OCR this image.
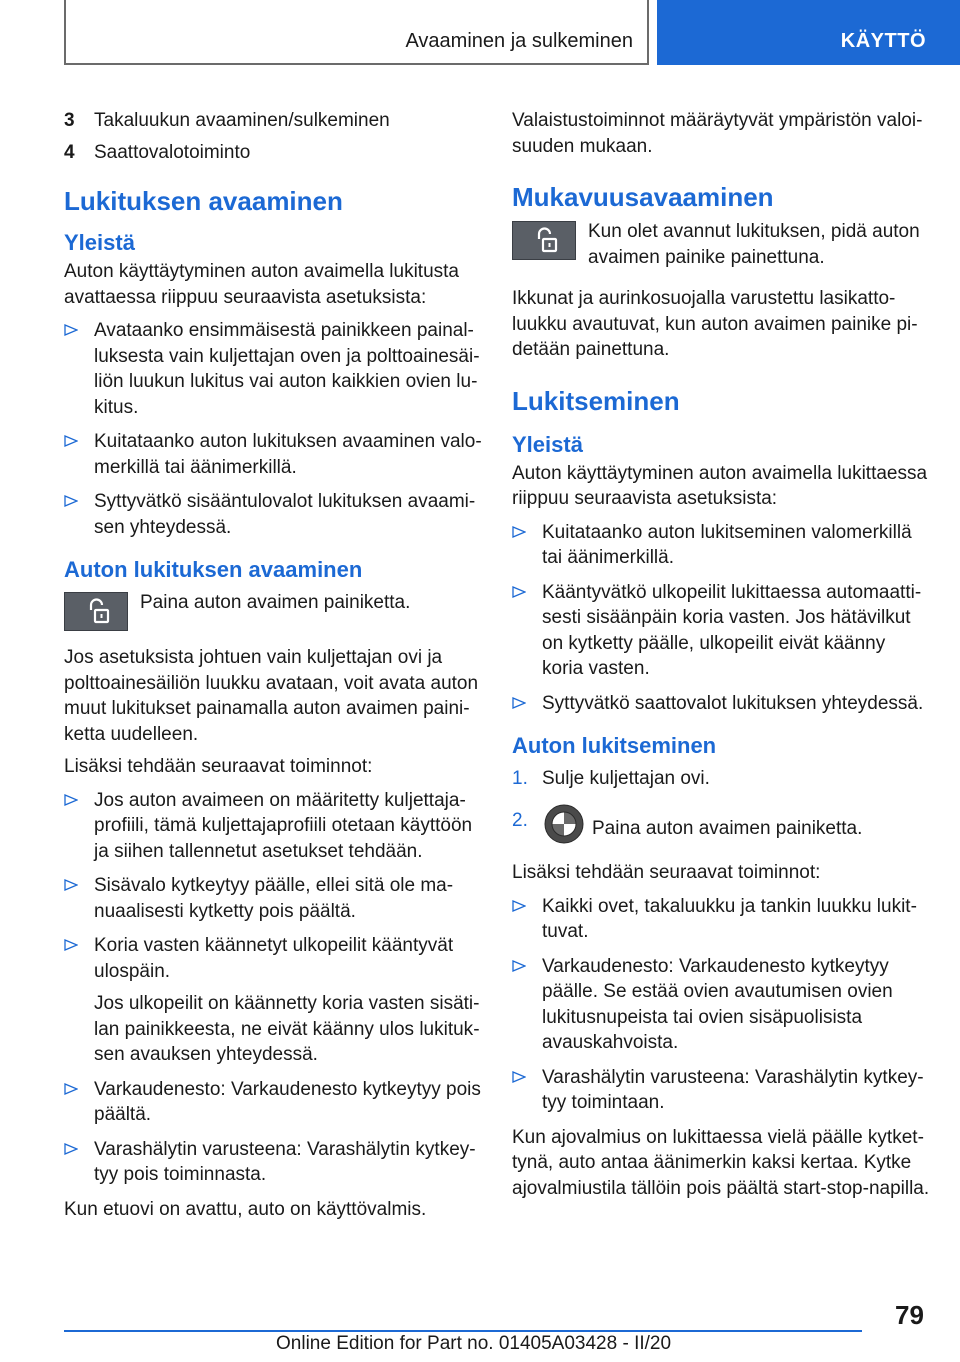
Avaaminen ja sulkeminen	KÄYTTÖ
3	Takaluukun avaaminen/sulkeminen
4	Saattovalotoiminto
Lukituksen avaaminen
Yleistä

Auton käyttäytyminen auton avaimella lukitusta avattaessa riippuu seuraavista asetuksista:

Avataanko ensimmäisestä painikkeen painalluksesta vain kuljettajan oven ja polttoainesäiliön luukun lukitus vai auton kaikkien ovien lukitus.
Kuitataanko auton lukituksen avaaminen valomerkillä tai äänimerkillä.
Syttyvätkö sisääntulovalot lukituksen avaamisen yhteydessä.
Auton lukituksen avaaminen
Paina auton avaimen painiketta.

Jos asetuksista johtuen vain kuljettajan ovi ja polttoainesäiliön luukku avataan, voit avata auton muut lukitukset painamalla auton avaimen painiketta uudelleen.

Lisäksi tehdään seuraavat toiminnot:

Jos auton avaimeen on määritetty kuljettajaprofiili, tämä kuljettajaprofiili otetaan käyttöön ja siihen tallennetut asetukset tehdään.
Sisävalo kytkeytyy päälle, ellei sitä ole manuaalisesti kytketty pois päältä.
Koria vasten käännetyt ulkopeilit kääntyvät ulospäin.

Jos ulkopeilit on käännetty koria vasten sisätilan painikkeesta, ne eivät käänny ulos lukituksen avauksen yhteydessä.

Varkaudenesto: Varkaudenesto kytkeytyy pois päältä.
Varashälytin varusteena: Varashälytin kytkeytyy pois toiminnasta.

Kun etuovi on avattu, auto on käyttövalmis.

Valaistustoiminnot määräytyvät ympäristön valoisuuden mukaan.

Mukavuusavaaminen
Kun olet avannut lukituksen, pidä auton avaimen painike painettuna.

Ikkunat ja aurinkosuojalla varustettu lasikattoluukku avautuvat, kun auton avaimen painike pidetään painettuna.

Lukitseminen
Yleistä

Auton käyttäytyminen auton avaimella lukittaessa riippuu seuraavista asetuksista:

Kuitataanko auton lukitseminen valomerkillä tai äänimerkillä.
Kääntyvätkö ulkopeilit lukittaessa automaattisesti sisäänpäin koria vasten. Jos hätävilkut on kytketty päälle, ulkopeilit eivät käänny koria vasten.
Syttyvätkö saattovalot lukituksen yhteydessä.
Auton lukitseminen
1. Sulje kuljettajan ovi.
2.	Paina auton avaimen painiketta.

Lisäksi tehdään seuraavat toiminnot:

Kaikki ovet, takaluukku ja tankin luukku lukittuvat.
Varkaudenesto: Varkaudenesto kytkeytyy päälle. Se estää ovien avautumisen ovien lukitusnupeista tai ovien sisäpuolisista avauskahvoista.
Varashälytin varusteena: Varashälytin kytkeytyy toimintaan.

Kun ajovalmius on lukittaessa vielä päälle kytkettynä, auto antaa äänimerkin kaksi kertaa. Kytke ajovalmiustila tällöin pois päältä start-stop-napilla.

79
Online Edition for Part no. 01405A03428 - II/20
